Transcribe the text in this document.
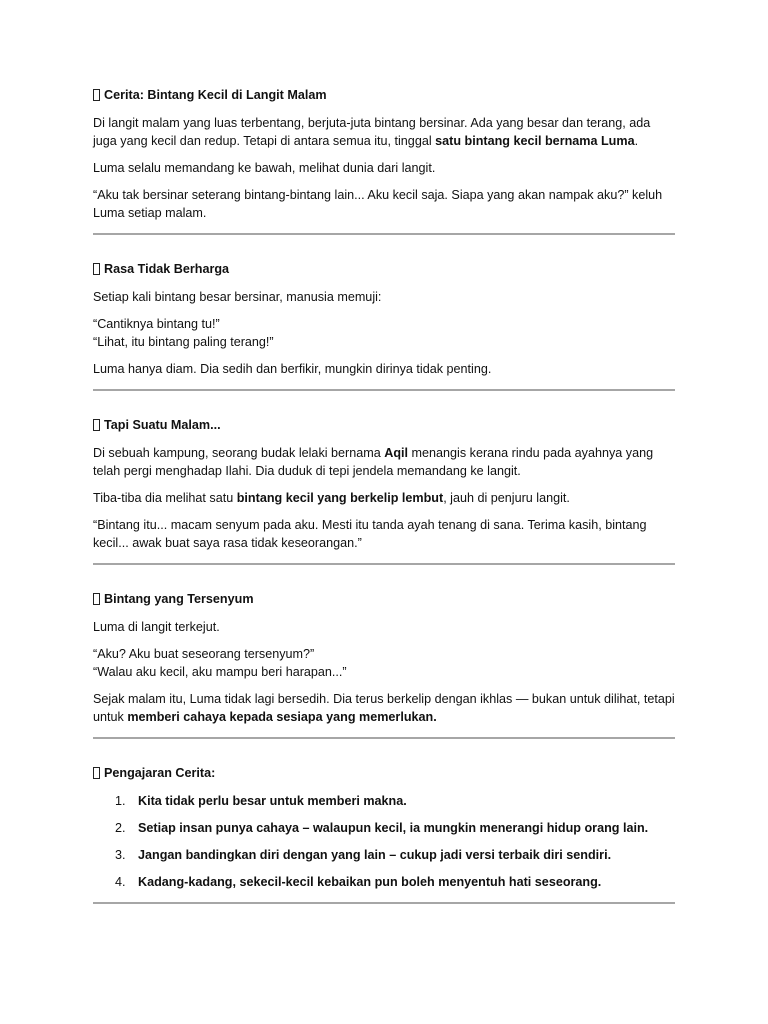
Cerita: Bintang Kecil di Langit Malam

Di langit malam yang luas terbentang, berjuta-juta bintang bersinar. Ada yang besar dan terang, ada juga yang kecil dan redup. Tetapi di antara semua itu, tinggal satu bintang kecil bernama Luma.

Luma selalu memandang ke bawah, melihat dunia dari langit.

“Aku tak bersinar seterang bintang-bintang lain... Aku kecil saja. Siapa yang akan nampak aku?” keluh Luma setiap malam.

Rasa Tidak Berharga

Setiap kali bintang besar bersinar, manusia memuji:

“Cantiknya bintang tu!”
“Lihat, itu bintang paling terang!”

Luma hanya diam. Dia sedih dan berfikir, mungkin dirinya tidak penting.

Tapi Suatu Malam...

Di sebuah kampung, seorang budak lelaki bernama Aqil menangis kerana rindu pada ayahnya yang telah pergi menghadap Ilahi. Dia duduk di tepi jendela memandang ke langit.

Tiba-tiba dia melihat satu bintang kecil yang berkelip lembut, jauh di penjuru langit.

“Bintang itu... macam senyum pada aku. Mesti itu tanda ayah tenang di sana. Terima kasih, bintang kecil... awak buat saya rasa tidak keseorangan.”

Bintang yang Tersenyum

Luma di langit terkejut.

“Aku? Aku buat seseorang tersenyum?”
“Walau aku kecil, aku mampu beri harapan...”

Sejak malam itu, Luma tidak lagi bersedih. Dia terus berkelip dengan ikhlas — bukan untuk dilihat, tetapi untuk memberi cahaya kepada sesiapa yang memerlukan.

Pengajaran Cerita:
1. Kita tidak perlu besar untuk memberi makna.
2. Setiap insan punya cahaya – walaupun kecil, ia mungkin menerangi hidup orang lain.
3. Jangan bandingkan diri dengan yang lain – cukup jadi versi terbaik diri sendiri.
4. Kadang-kadang, sekecil-kecil kebaikan pun boleh menyentuh hati seseorang.
